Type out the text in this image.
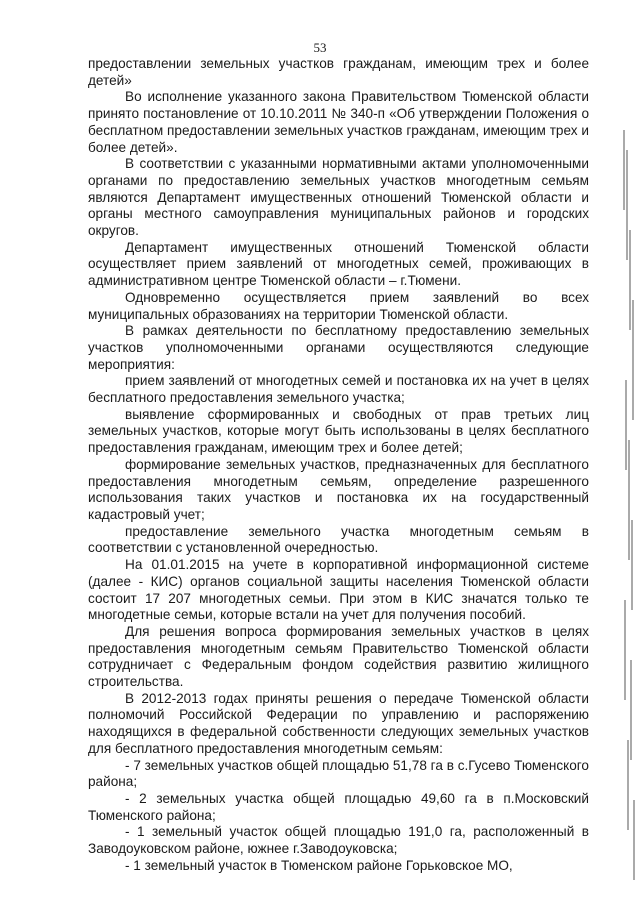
53

предоставлении земельных участков гражданам, имеющим трех и более детей»

Во исполнение указанного закона Правительством Тюменской области принято постановление от 10.10.2011 № 340-п «Об утверждении Положения о бесплатном предоставлении земельных участков гражданам, имеющим трех и более детей».

В соответствии с указанными нормативными актами уполномоченными органами по предоставлению земельных участков многодетным семьям являются Департамент имущественных отношений Тюменской области и органы местного самоуправления муниципальных районов и городских округов.

Департамент имущественных отношений Тюменской области осуществляет прием заявлений от многодетных семей, проживающих в административном центре Тюменской области – г.Тюмени.

Одновременно осуществляется прием заявлений во всех муниципальных образованиях на территории Тюменской области.

В рамках деятельности по бесплатному предоставлению земельных участков уполномоченными органами осуществляются следующие мероприятия:

прием заявлений от многодетных семей и постановка их на учет в целях бесплатного предоставления земельного участка;

выявление сформированных и свободных от прав третьих лиц земельных участков, которые могут быть использованы в целях бесплатного предоставления гражданам, имеющим трех и более детей;

формирование земельных участков, предназначенных для бесплатного предоставления многодетным семьям, определение разрешенного использования таких участков и постановка их на государственный кадастровый учет;

предоставление земельного участка многодетным семьям в соответствии с установленной очередностью.

На 01.01.2015 на учете в корпоративной информационной системе (далее - КИС) органов социальной защиты населения Тюменской области состоит 17 207 многодетных семьи. При этом в КИС значатся только те многодетные семьи, которые встали на учет для получения пособий.

Для решения вопроса формирования земельных участков в целях предоставления многодетным семьям Правительство Тюменской области сотрудничает с Федеральным фондом содействия развитию жилищного строительства.

В 2012-2013 годах приняты решения о передаче Тюменской области полномочий Российской Федерации по управлению и распоряжению находящихся в федеральной собственности следующих земельных участков для бесплатного предоставления многодетным семьям:

- 7 земельных участков общей площадью 51,78 га в с.Гусево Тюменского района;

- 2 земельных участка общей площадью 49,60 га в п.Московский Тюменского района;

- 1 земельный участок общей площадью 191,0 га, расположенный в Заводоуковском районе, южнее г.Заводоуковска;

- 1 земельный участок в Тюменском районе Горьковское МО,
